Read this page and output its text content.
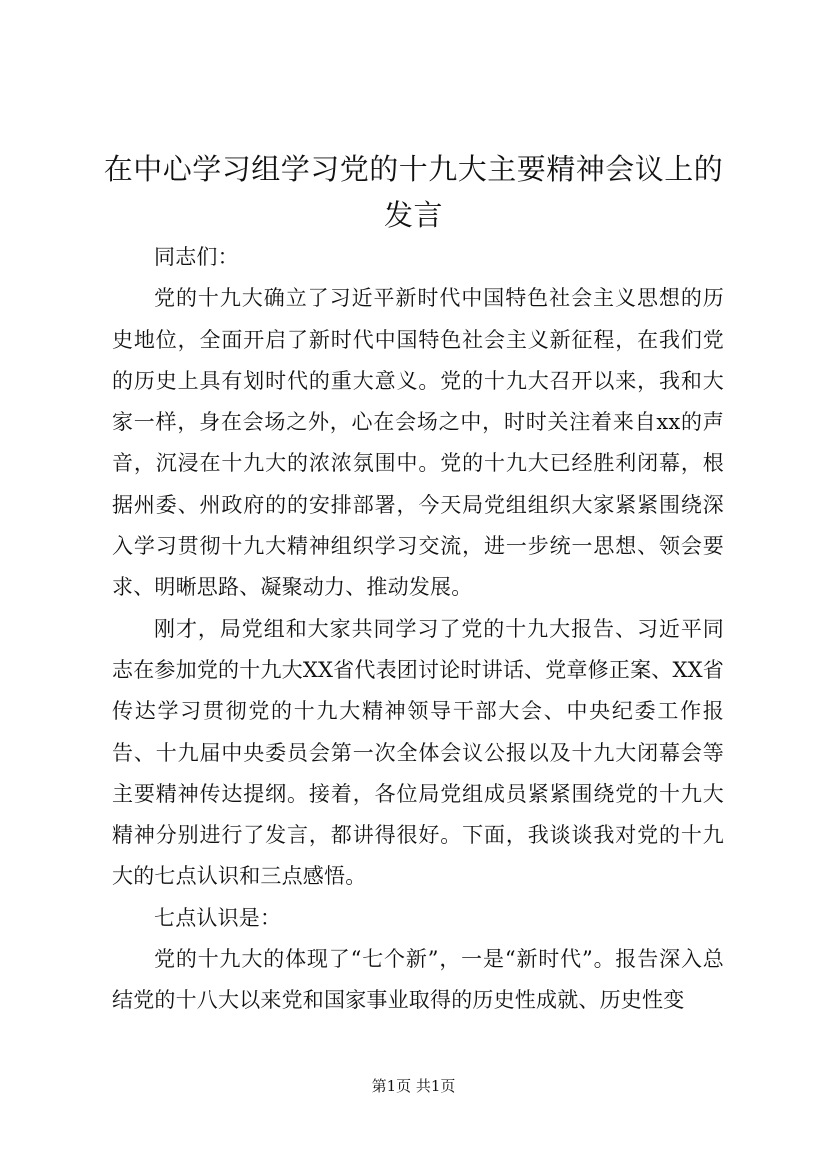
在中心学习组学习党的十九大主要精神会议上的发言

同志们：

党的十九大确立了习近平新时代中国特色社会主义思想的历史地位，全面开启了新时代中国特色社会主义新征程，在我们党的历史上具有划时代的重大意义。党的十九大召开以来，我和大家一样，身在会场之外，心在会场之中，时时关注着来自xx的声音，沉浸在十九大的浓浓氛围中。党的十九大已经胜利闭幕，根据州委、州政府的的安排部署，今天局党组组织大家紧紧围绕深入学习贯彻十九大精神组织学习交流，进一步统一思想、领会要求、明晰思路、凝聚动力、推动发展。

刚才，局党组和大家共同学习了党的十九大报告、习近平同志在参加党的十九大XX省代表团讨论时讲话、党章修正案、XX省传达学习贯彻党的十九大精神领导干部大会、中央纪委工作报告、十九届中央委员会第一次全体会议公报以及十九大闭幕会等主要精神传达提纲。接着，各位局党组成员紧紧围绕党的十九大精神分别进行了发言，都讲得很好。下面，我谈谈我对党的十九大的七点认识和三点感悟。

七点认识是：

党的十九大的体现了“七个新”，一是“新时代”。报告深入总结党的十八大以来党和国家事业取得的历史性成就、历史性变

第1页 共1页
